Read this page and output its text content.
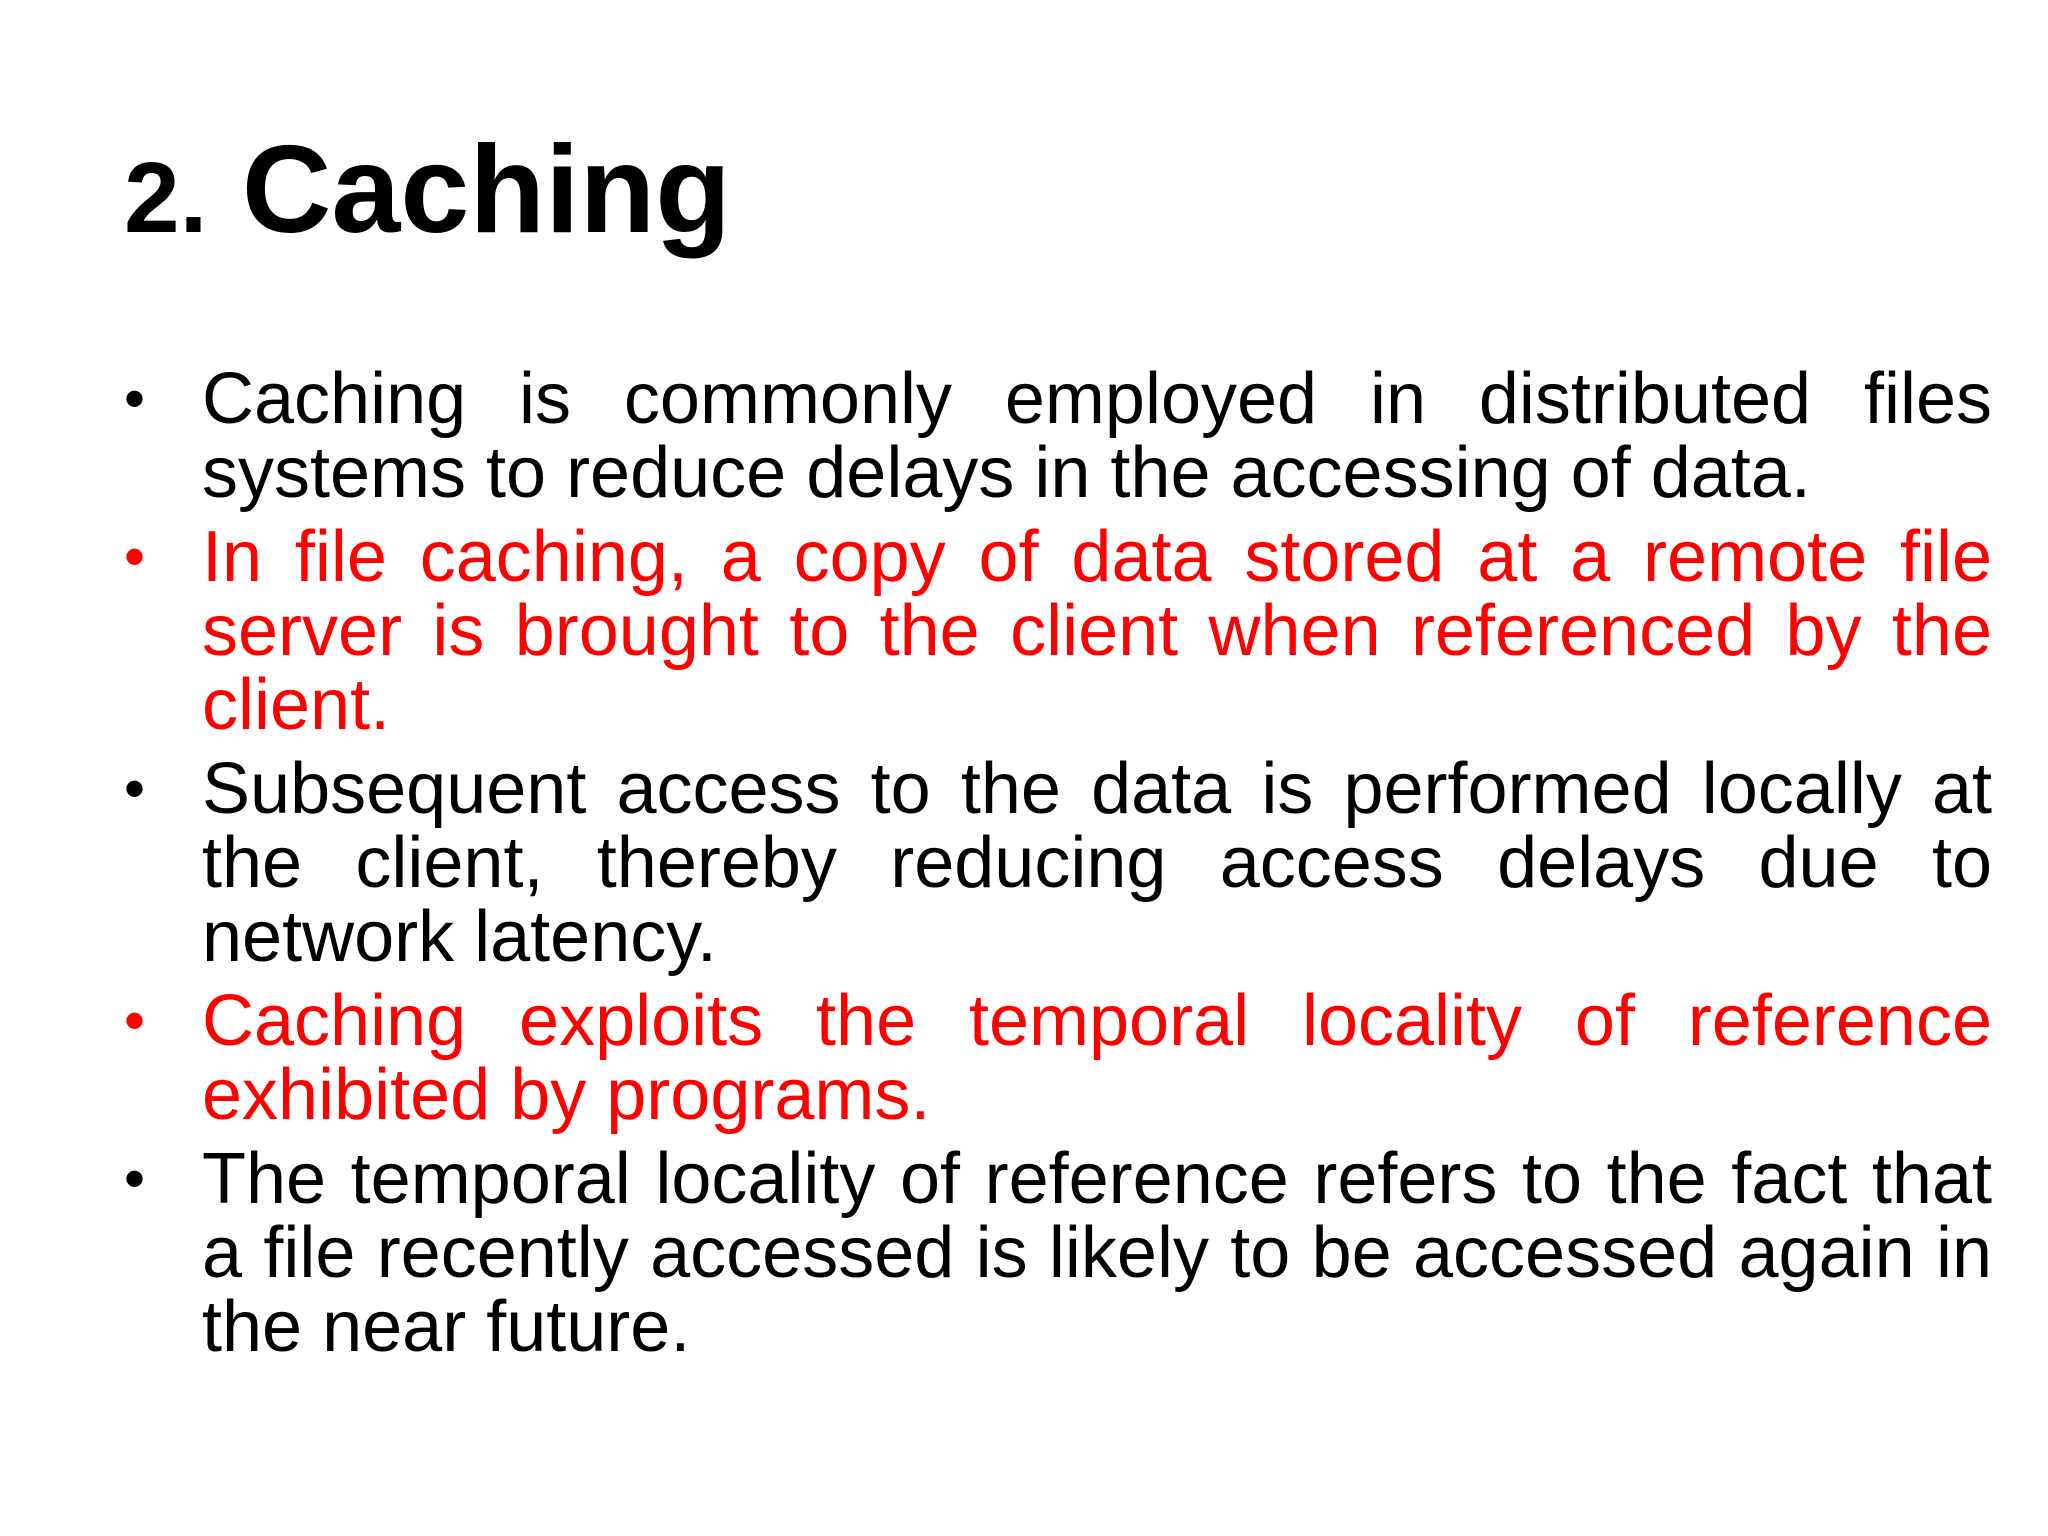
2. Caching
• Caching is commonly employed in distributed files systems to reduce delays in the accessing of data.
• In file caching, a copy of data stored at a remote file server is brought to the client when referenced by the client.
• Subsequent access to the data is performed locally at the client, thereby reducing access delays due to network latency.
• Caching exploits the temporal locality of reference exhibited by programs.
• The temporal locality of reference refers to the fact that a file recently accessed is likely to be accessed again in the near future.
